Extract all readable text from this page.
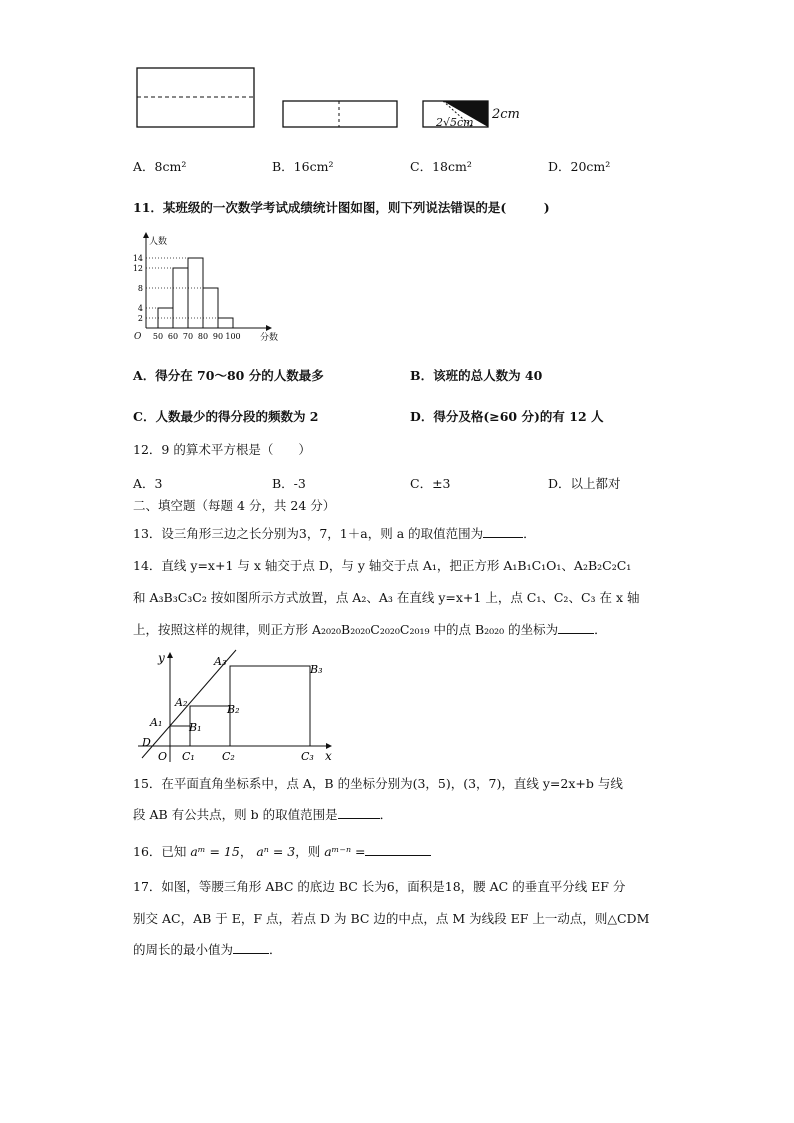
2cm
2√5cm
A．8cm²	B．16cm²	C．18cm²	D．20cm²
11．某班级的一次数学考试成绩统计图如图，则下列说法错误的是(　　　)
2
4
8
12
14
50 60 70 80 90 100
人数
分数
O
A．得分在 70～80 分的人数最多	B．该班的总人数为 40
C．人数最少的得分段的频数为 2	D．得分及格(≥60 分)的有 12 人
12．9 的算术平方根是（　　）
A．3	B．-3	C．±3	D．以上都对
二、填空题（每题 4 分，共 24 分）
13．设三角形三边之长分别为3，7，1＋a，则 a 的取值范围为	．
14．直线 y=x+1 与 x 轴交于点 D，与 y 轴交于点 A₁，把正方形 A₁B₁C₁O₁、A₂B₂C₂C₁
和 A₃B₃C₃C₂ 按如图所示方式放置，点 A₂、A₃ 在直线 y=x+1 上，点 C₁、C₂、C₃ 在 x 轴
上，按照这样的规律，则正方形 A₂₀₂₀B₂₀₂₀C₂₀₂₀C₂₀₁₉ 中的点 B₂₀₂₀ 的坐标为	．
y
x
O
D
A₁
A₂
A₃
B₁
B₂
B₃
C₁ C₂	C₃
15．在平面直角坐标系中，点 A，B 的坐标分别为(3，5)，(3，7)，直线 y=2x+b 与线
段 AB 有公共点，则 b 的取值范围是	．
16．已知 aᵐ = 15， aⁿ = 3，则 aᵐ⁻ⁿ =
17．如图，等腰三角形 ABC 的底边 BC 长为6，面积是18，腰 AC 的垂直平分线 EF 分
别交 AC，AB 于 E，F 点，若点 D 为 BC 边的中点，点 M 为线段 EF 上一动点，则△CDM
的周长的最小值为	．
